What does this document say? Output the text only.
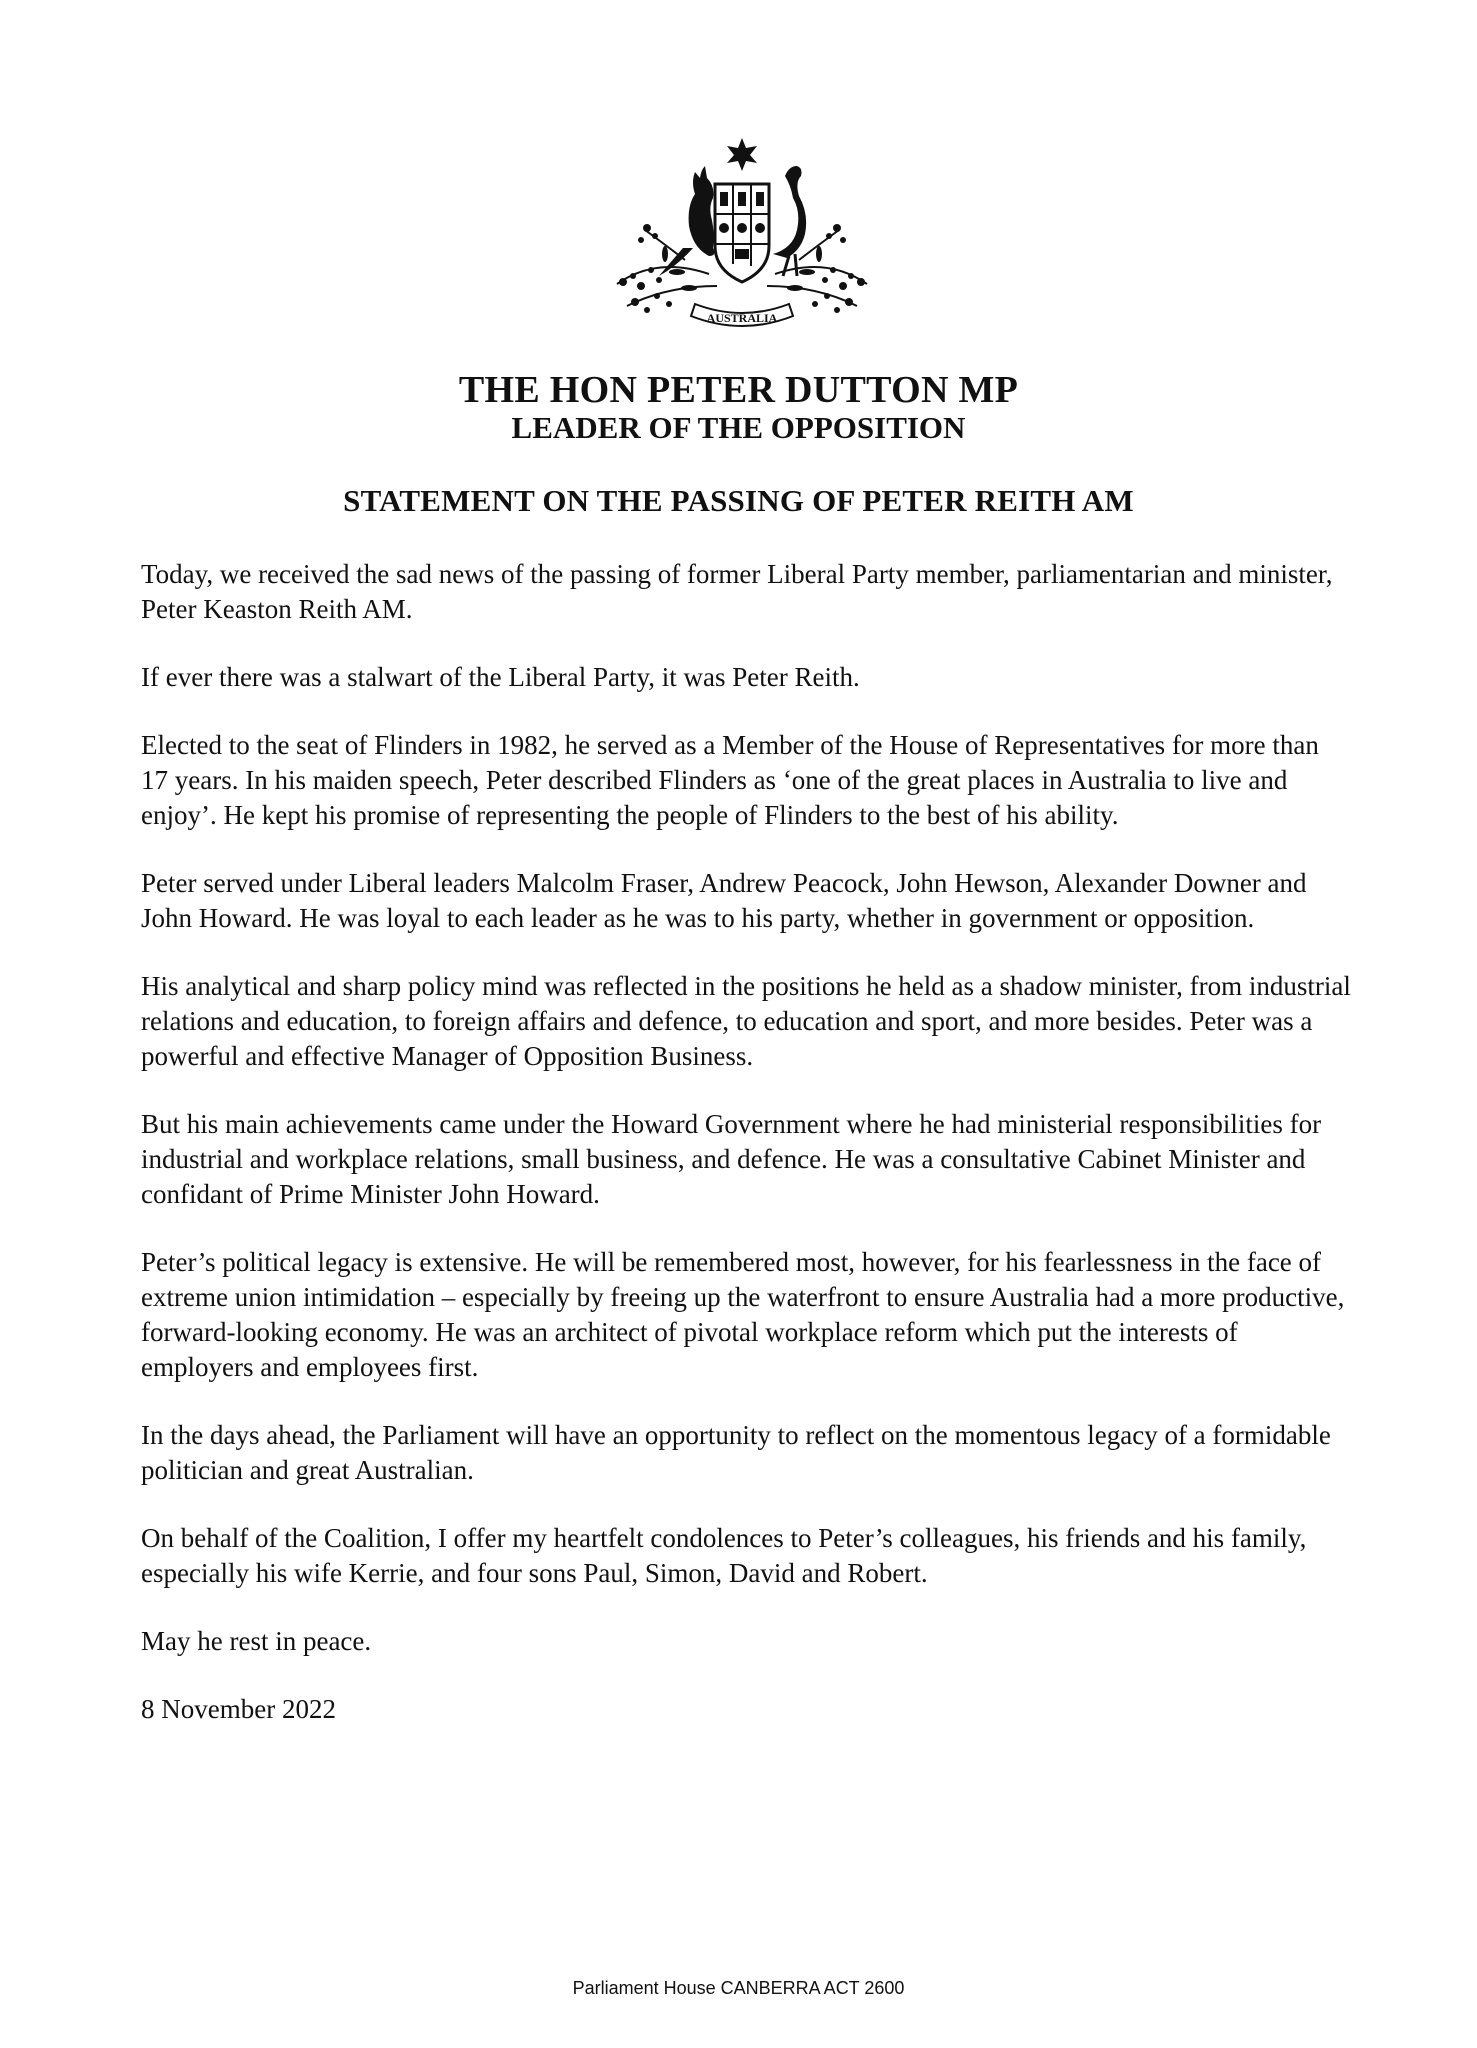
AUSTRALIA
THE HON PETER DUTTON MP
LEADER OF THE OPPOSITION
STATEMENT ON THE PASSING OF PETER REITH AM

Today, we received the sad news of the passing of former Liberal Party member, parliamentarian and minister, Peter Keaston Reith AM.

If ever there was a stalwart of the Liberal Party, it was Peter Reith.

Elected to the seat of Flinders in 1982, he served as a Member of the House of Representatives for more than 17 years. In his maiden speech, Peter described Flinders as ‘one of the great places in Australia to live and enjoy’. He kept his promise of representing the people of Flinders to the best of his ability.

Peter served under Liberal leaders Malcolm Fraser, Andrew Peacock, John Hewson, Alexander Downer and John Howard. He was loyal to each leader as he was to his party, whether in government or opposition.

His analytical and sharp policy mind was reflected in the positions he held as a shadow minister, from industrial relations and education, to foreign affairs and defence, to education and sport, and more besides. Peter was a powerful and effective Manager of Opposition Business.

But his main achievements came under the Howard Government where he had ministerial responsibilities for industrial and workplace relations, small business, and defence. He was a consultative Cabinet Minister and confidant of Prime Minister John Howard.

Peter’s political legacy is extensive. He will be remembered most, however, for his fearlessness in the face of extreme union intimidation – especially by freeing up the waterfront to ensure Australia had a more productive, forward-looking economy. He was an architect of pivotal workplace reform which put the interests of employers and employees first.

In the days ahead, the Parliament will have an opportunity to reflect on the momentous legacy of a formidable politician and great Australian.

On behalf of the Coalition, I offer my heartfelt condolences to Peter’s colleagues, his friends and his family, especially his wife Kerrie, and four sons Paul, Simon, David and Robert.

May he rest in peace.

8 November 2022

Parliament House CANBERRA ACT 2600
